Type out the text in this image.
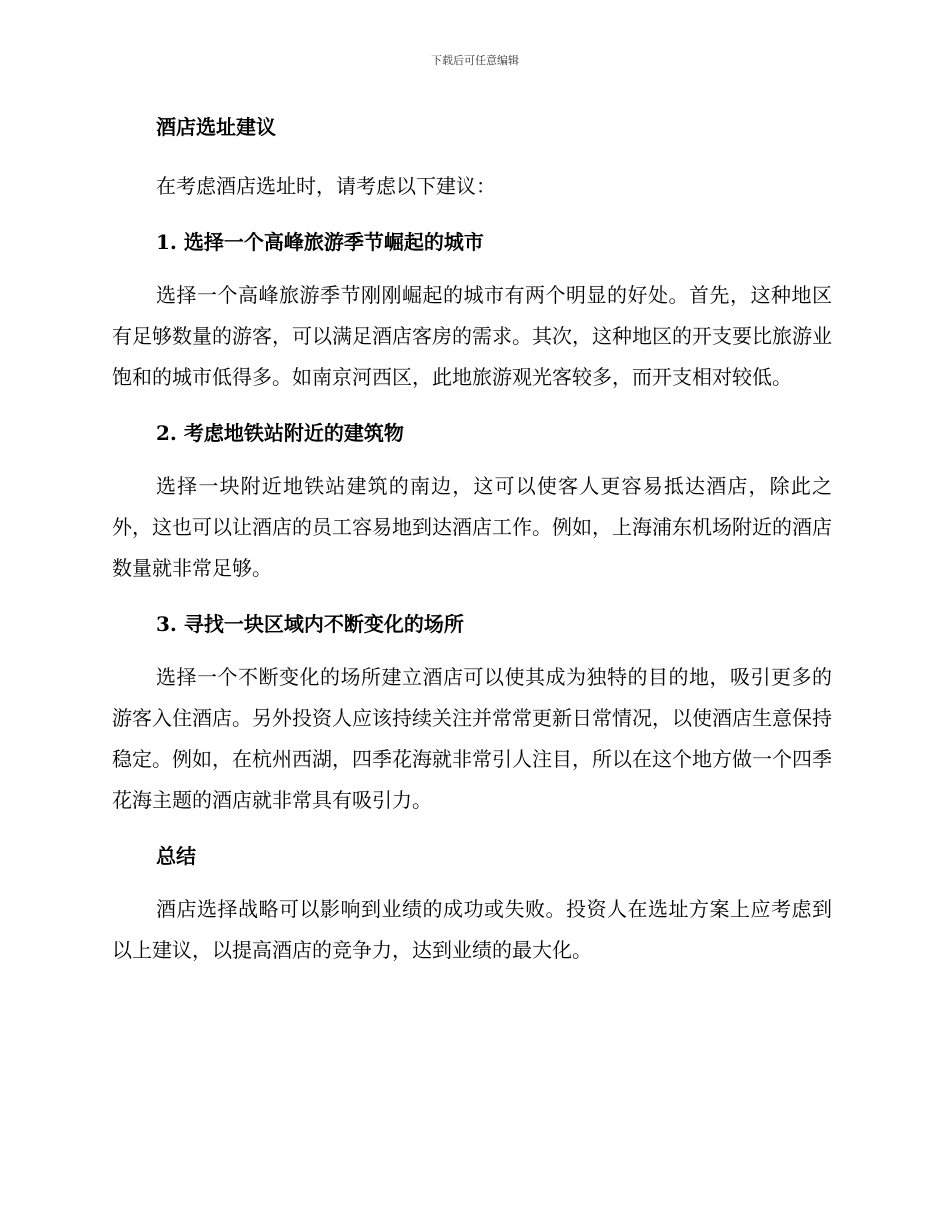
下载后可任意编辑
酒店选址建议

在考虑酒店选址时，请考虑以下建议：

1. 选择一个高峰旅游季节崛起的城市

选择一个高峰旅游季节刚刚崛起的城市有两个明显的好处。首先，这种地区有足够数量的游客，可以满足酒店客房的需求。其次，这种地区的开支要比旅游业饱和的城市低得多。如南京河西区，此地旅游观光客较多，而开支相对较低。

2. 考虑地铁站附近的建筑物

选择一块附近地铁站建筑的南边，这可以使客人更容易抵达酒店，除此之外，这也可以让酒店的员工容易地到达酒店工作。例如，上海浦东机场附近的酒店数量就非常足够。

3. 寻找一块区域内不断变化的场所

选择一个不断变化的场所建立酒店可以使其成为独特的目的地，吸引更多的游客入住酒店。另外投资人应该持续关注并常常更新日常情况，以使酒店生意保持稳定。例如，在杭州西湖，四季花海就非常引人注目，所以在这个地方做一个四季花海主题的酒店就非常具有吸引力。

总结

酒店选择战略可以影响到业绩的成功或失败。投资人在选址方案上应考虑到以上建议，以提高酒店的竞争力，达到业绩的最大化。
